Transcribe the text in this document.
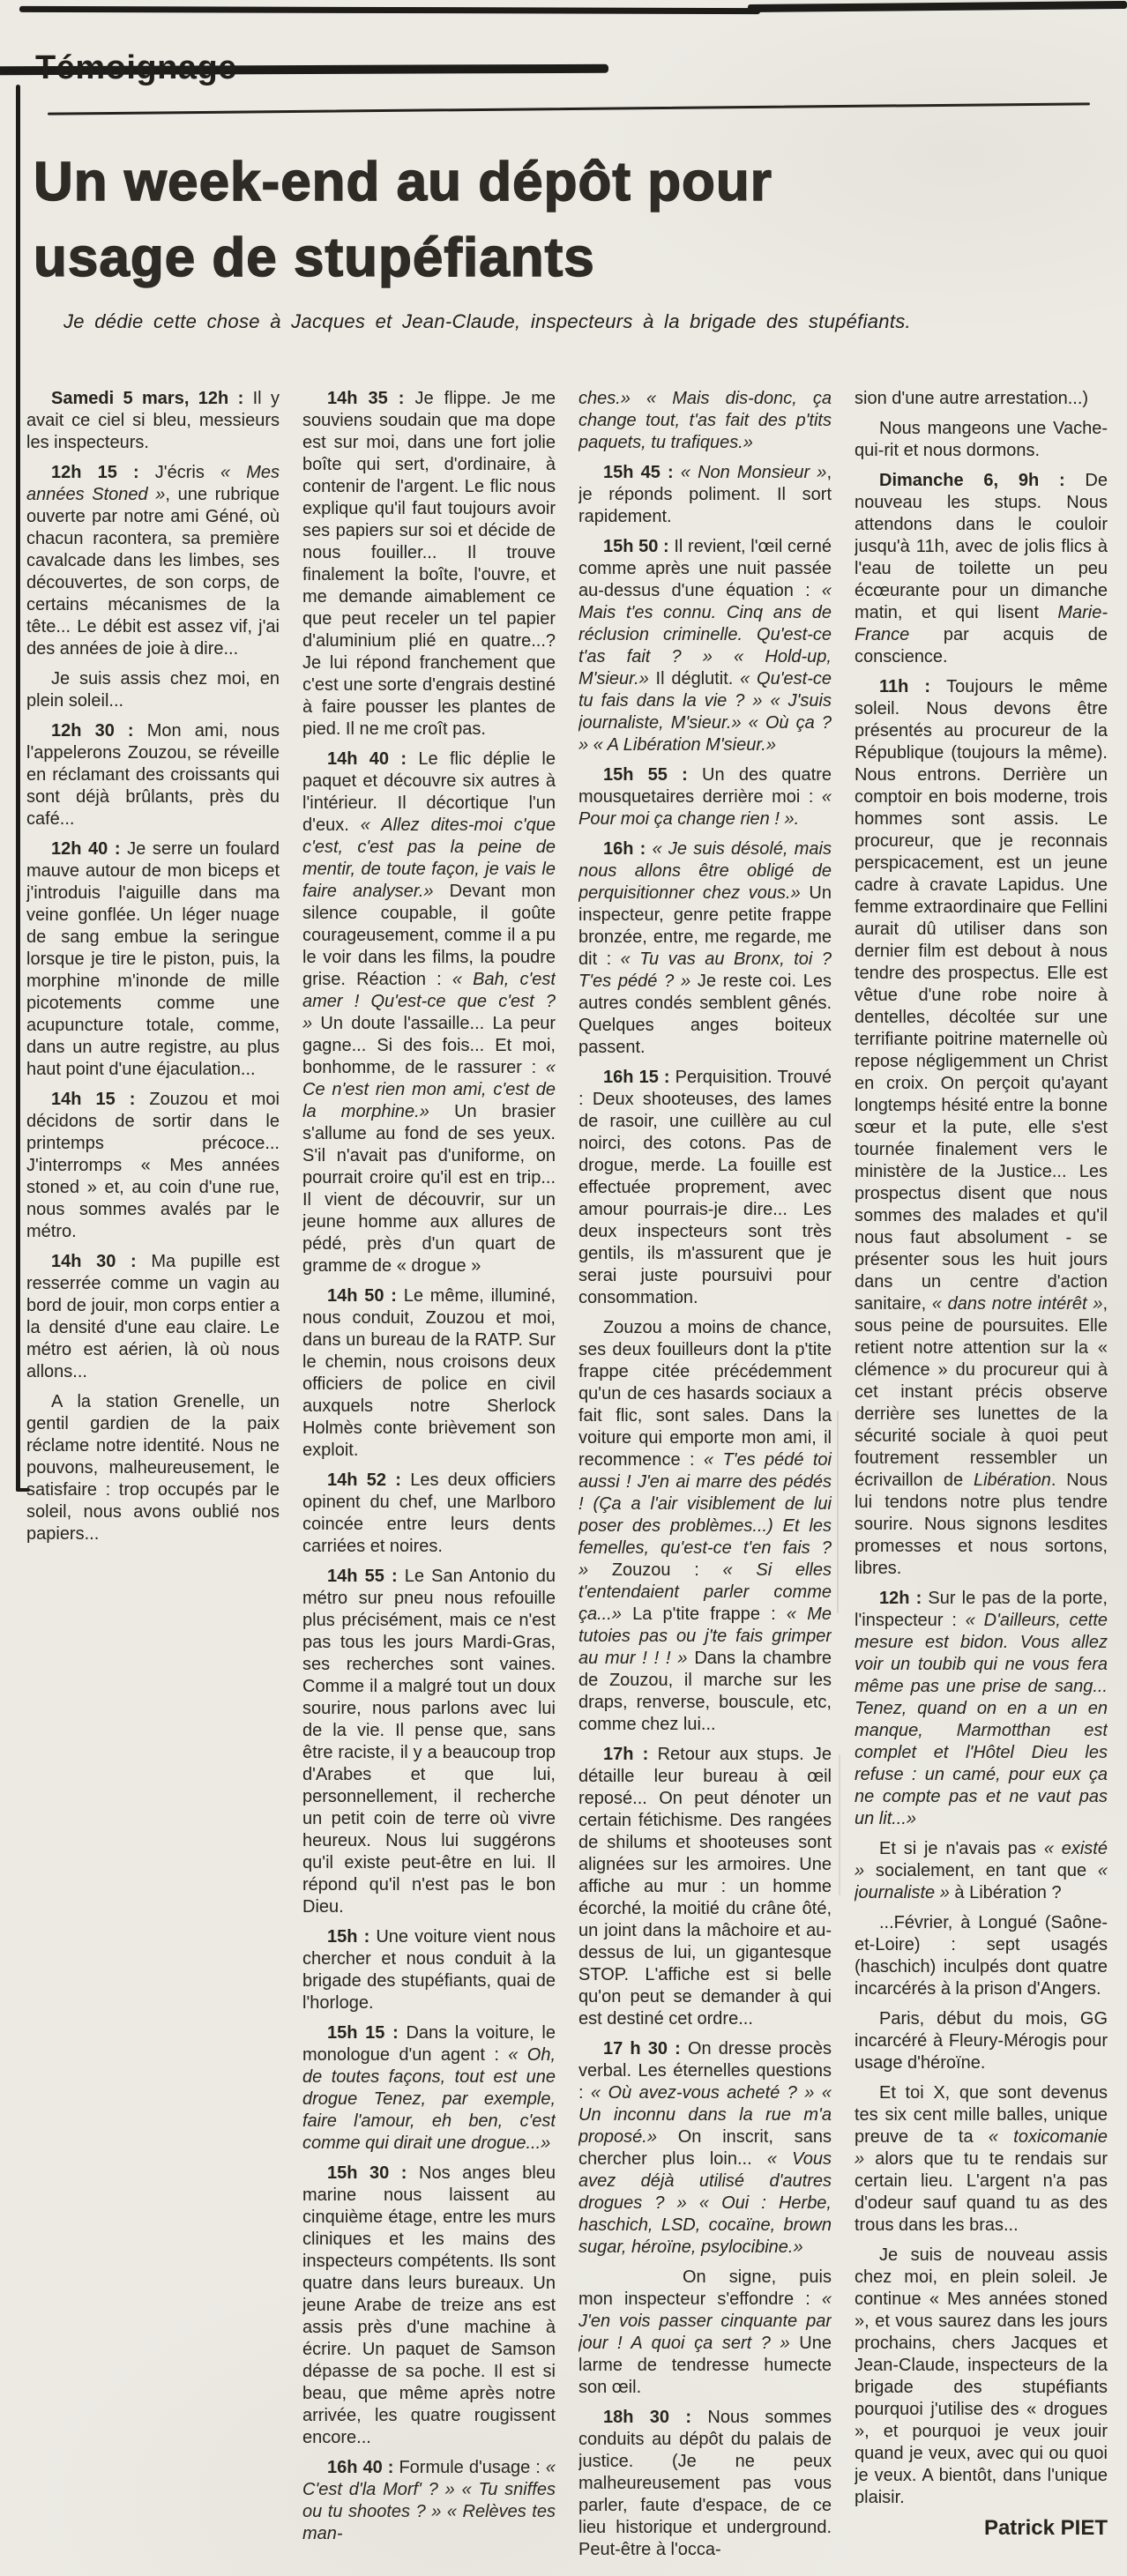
Témoignage
Un week-end au dépôt pour
usage de stupéfiants
Je dédie cette chose à Jacques et Jean-Claude, inspecteurs à la brigade des stupéfiants.

Samedi 5 mars, 12h : Il y avait ce ciel si bleu, messieurs les inspecteurs.

12h 15 : J'écris « Mes années Stoned », une rubrique ouverte par notre ami Géné, où chacun racontera, sa première cavalcade dans les limbes, ses découvertes, de son corps, de certains mécanismes de la tête... Le débit est assez vif, j'ai des années de joie à dire...

Je suis assis chez moi, en plein soleil...

12h 30 : Mon ami, nous l'appelerons Zouzou, se réveille en réclamant des croissants qui sont déjà brûlants, près du café...

12h 40 : Je serre un foulard mauve autour de mon biceps et j'introduis l'aiguille dans ma veine gonflée. Un léger nuage de sang embue la seringue lorsque je tire le piston, puis, la morphine m'inonde de mille picotements comme une acupuncture totale, comme, dans un autre registre, au plus haut point d'une éjaculation...

14h 15 : Zouzou et moi décidons de sortir dans le printemps précoce... J'interromps « Mes années stoned » et, au coin d'une rue, nous sommes avalés par le métro.

14h 30 : Ma pupille est resserrée comme un vagin au bord de jouir, mon corps entier a la densité d'une eau claire. Le métro est aérien, là où nous allons...

A la station Grenelle, un gentil gardien de la paix réclame notre identité. Nous ne pouvons, malheureusement, le satisfaire : trop occupés par le soleil, nous avons oublié nos papiers...

14h 35 : Je flippe. Je me souviens soudain que ma dope est sur moi, dans une fort jolie boîte qui sert, d'ordinaire, à contenir de l'argent. Le flic nous explique qu'il faut toujours avoir ses papiers sur soi et décide de nous fouiller... Il trouve finalement la boîte, l'ouvre, et me demande aimablement ce que peut receler un tel papier d'aluminium plié en quatre...? Je lui répond franchement que c'est une sorte d'engrais destiné à faire pousser les plantes de pied. Il ne me croît pas.

14h 40 : Le flic déplie le paquet et découvre six autres à l'intérieur. Il décortique l'un d'eux. « Allez dites-moi c'que c'est, c'est pas la peine de mentir, de toute façon, je vais le faire analyser.» Devant mon silence coupable, il goûte courageusement, comme il a pu le voir dans les films, la poudre grise. Réaction : « Bah, c'est amer ! Qu'est-ce que c'est ? » Un doute l'assaille... La peur gagne... Si des fois... Et moi, bonhomme, de le rassurer : « Ce n'est rien mon ami, c'est de la morphine.» Un brasier s'allume au fond de ses yeux. S'il n'avait pas d'uniforme, on pourrait croire qu'il est en trip... Il vient de découvrir, sur un jeune homme aux allures de pédé, près d'un quart de gramme de « drogue »

14h 50 : Le même, illuminé, nous conduit, Zouzou et moi, dans un bureau de la RATP. Sur le chemin, nous croisons deux officiers de police en civil auxquels notre Sherlock Holmès conte brièvement son exploit.

14h 52 : Les deux officiers opinent du chef, une Marlboro coincée entre leurs dents carriées et noires.

14h 55 : Le San Antonio du métro sur pneu nous refouille plus précisément, mais ce n'est pas tous les jours Mardi-Gras, ses recherches sont vaines. Comme il a malgré tout un doux sourire, nous parlons avec lui de la vie. Il pense que, sans être raciste, il y a beaucoup trop d'Arabes et que lui, personnellement, il recherche un petit coin de terre où vivre heureux. Nous lui suggérons qu'il existe peut-être en lui. Il répond qu'il n'est pas le bon Dieu.

15h : Une voiture vient nous chercher et nous conduit à la brigade des stupéfiants, quai de l'horloge.

15h 15 : Dans la voiture, le monologue d'un agent : « Oh, de toutes façons, tout est une drogue Tenez, par exemple, faire l'amour, eh ben, c'est comme qui dirait une drogue...»

15h 30 : Nos anges bleu marine nous laissent au cinquième étage, entre les murs cliniques et les mains des inspecteurs compétents. Ils sont quatre dans leurs bureaux. Un jeune Arabe de treize ans est assis près d'une machine à écrire. Un paquet de Samson dépasse de sa poche. Il est si beau, que même après notre arrivée, les quatre rougissent encore...

16h 40 : Formule d'usage : « C'est d'la Morf' ? » « Tu sniffes ou tu shootes ? » « Relèves tes man-

ches.» « Mais dis-donc, ça change tout, t'as fait des p'tits paquets, tu trafiques.»

15h 45 : « Non Monsieur », je réponds poliment. Il sort rapidement.

15h 50 : Il revient, l'œil cerné comme après une nuit passée au-dessus d'une équation : « Mais t'es connu. Cinq ans de réclusion criminelle. Qu'est-ce t'as fait ? » « Hold-up, M'sieur.» Il déglutit. « Qu'est-ce tu fais dans la vie ? » « J'suis journaliste, M'sieur.» « Où ça ? » « A Libération M'sieur.»

15h 55 : Un des quatre mousquetaires derrière moi : « Pour moi ça change rien ! ».

16h : « Je suis désolé, mais nous allons être obligé de perquisitionner chez vous.» Un inspecteur, genre petite frappe bronzée, entre, me regarde, me dit : « Tu vas au Bronx, toi ? T'es pédé ? » Je reste coi. Les autres condés semblent gênés. Quelques anges boiteux passent.

16h 15 : Perquisition. Trouvé : Deux shooteuses, des lames de rasoir, une cuillère au cul noirci, des cotons. Pas de drogue, merde. La fouille est effectuée proprement, avec amour pourrais-je dire... Les deux inspecteurs sont très gentils, ils m'assurent que je serai juste poursuivi pour consommation.

Zouzou a moins de chance, ses deux fouilleurs dont la p'tite frappe citée précédemment qu'un de ces hasards sociaux a fait flic, sont sales. Dans la voiture qui emporte mon ami, il recommence : « T'es pédé toi aussi ! J'en ai marre des pédés ! (Ça a l'air visiblement de lui poser des problèmes...) Et les femelles, qu'est-ce t'en fais ? » Zouzou : « Si elles t'entendaient parler comme ça...» La p'tite frappe : « Me tutoies pas ou j'te fais grimper au mur ! ! ! » Dans la chambre de Zouzou, il marche sur les draps, renverse, bouscule, etc, comme chez lui...

17h : Retour aux stups. Je détaille leur bureau à œil reposé... On peut dénoter un certain fétichisme. Des rangées de shilums et shooteuses sont alignées sur les armoires. Une affiche au mur : un homme écorché, la moitié du crâne ôté, un joint dans la mâchoire et au-dessus de lui, un gigantesque STOP. L'affiche est si belle qu'on peut se demander à qui est destiné cet ordre...

17 h 30 : On dresse procès verbal. Les éternelles questions : « Où avez-vous acheté ? » « Un inconnu dans la rue m'a proposé.» On inscrit, sans chercher plus loin... « Vous avez déjà utilisé d'autres drogues ? » « Oui : Herbe, haschich, LSD, cocaïne, brown sugar, héroïne, psylocibine.»

On signe, puis mon inspecteur s'effondre : « J'en vois passer cinquante par jour ! A quoi ça sert ? » Une larme de tendresse humecte son œil.

18h 30 : Nous sommes conduits au dépôt du palais de justice. (Je ne peux malheureusement pas vous parler, faute d'espace, de ce lieu historique et underground. Peut-être à l'occa-

sion d'une autre arrestation...)

Nous mangeons une Vache-qui-rit et nous dormons.

Dimanche 6, 9h : De nouveau les stups. Nous attendons dans le couloir jusqu'à 11h, avec de jolis flics à l'eau de toilette un peu écœurante pour un dimanche matin, et qui lisent Marie-France par acquis de conscience.

11h : Toujours le même soleil. Nous devons être présentés au procureur de la République (toujours la même). Nous entrons. Derrière un comptoir en bois moderne, trois hommes sont assis. Le procureur, que je reconnais perspicacement, est un jeune cadre à cravate Lapidus. Une femme extraordinaire que Fellini aurait dû utiliser dans son dernier film est debout à nous tendre des prospectus. Elle est vêtue d'une robe noire à dentelles, décoltée sur une terrifiante poitrine maternelle où repose négligemment un Christ en croix. On perçoit qu'ayant longtemps hésité entre la bonne sœur et la pute, elle s'est tournée finalement vers le ministère de la Justice... Les prospectus disent que nous sommes des malades et qu'il nous faut absolument - se présenter sous les huit jours dans un centre d'action sanitaire, « dans notre intérêt », sous peine de poursuites. Elle retient notre attention sur la « clémence » du procureur qui à cet instant précis observe derrière ses lunettes de la sécurité sociale à quoi peut foutrement ressembler un écrivaillon de Libération. Nous lui tendons notre plus tendre sourire. Nous signons lesdites promesses et nous sortons, libres.

12h : Sur le pas de la porte, l'inspecteur : « D'ailleurs, cette mesure est bidon. Vous allez voir un toubib qui ne vous fera même pas une prise de sang... Tenez, quand on en a un en manque, Marmotthan est complet et l'Hôtel Dieu les refuse : un camé, pour eux ça ne compte pas et ne vaut pas un lit...»

Et si je n'avais pas « existé » socialement, en tant que « journaliste » à Libération ?

...Février, à Longué (Saône-et-Loire) : sept usagés (haschich) inculpés dont quatre incarcérés à la prison d'Angers.

Paris, début du mois, GG incarcéré à Fleury-Mérogis pour usage d'héroïne.

Et toi X, que sont devenus tes six cent mille balles, unique preuve de ta « toxicomanie » alors que tu te rendais sur certain lieu. L'argent n'a pas d'odeur sauf quand tu as des trous dans les bras...

Je suis de nouveau assis chez moi, en plein soleil. Je continue « Mes années stoned », et vous saurez dans les jours prochains, chers Jacques et Jean-Claude, inspecteurs de la brigade des stupéfiants pourquoi j'utilise des « drogues », et pourquoi je veux jouir quand je veux, avec qui ou quoi je veux. A bientôt, dans l'unique plaisir.

Patrick PIET
